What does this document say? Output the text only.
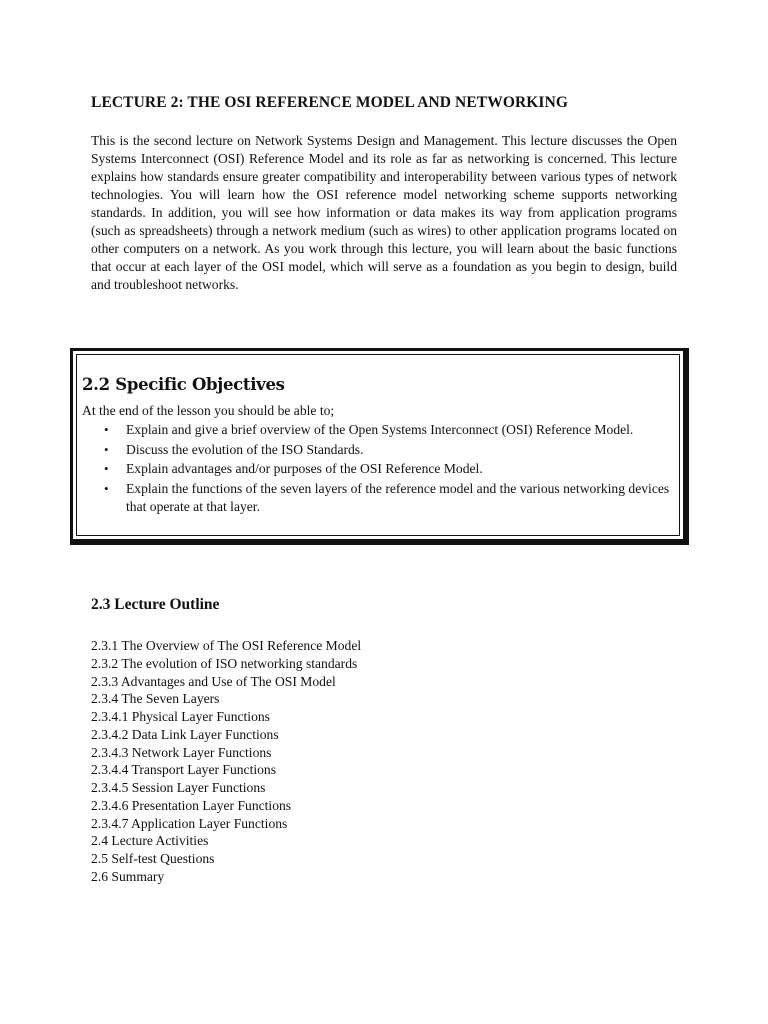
LECTURE 2: THE OSI REFERENCE MODEL AND NETWORKING

This is the second lecture on Network Systems Design and Management. This lecture discusses the Open Systems Interconnect (OSI) Reference Model and its role as far as networking is concerned. This lecture explains how standards ensure greater compatibility and interoperability between various types of network technologies. You will learn how the OSI reference model networking scheme supports networking standards. In addition, you will see how information or data makes its way from application programs (such as spreadsheets) through a network medium (such as wires) to other application programs located on other computers on a network. As you work through this lecture, you will learn about the basic functions that occur at each layer of the OSI model, which will serve as a foundation as you begin to design, build and troubleshoot networks.

2.2 Specific Objectives

At the end of the lesson you should be able to;

• Explain and give a brief overview of the Open Systems Interconnect (OSI) Reference Model.
• Discuss the evolution of the ISO Standards.
• Explain advantages and/or purposes of the OSI Reference Model.
• Explain the functions of the seven layers of the reference model and the various networking devices that operate at that layer.
2.3 Lecture Outline
2.3.1 The Overview of The OSI Reference Model
2.3.2 The evolution of ISO networking standards
2.3.3 Advantages and Use of The OSI Model
2.3.4 The Seven Layers
2.3.4.1 Physical Layer Functions
2.3.4.2 Data Link Layer Functions
2.3.4.3 Network Layer Functions
2.3.4.4 Transport Layer Functions
2.3.4.5 Session Layer Functions
2.3.4.6 Presentation Layer Functions
2.3.4.7 Application Layer Functions
2.4 Lecture Activities
2.5 Self-test Questions
2.6 Summary
